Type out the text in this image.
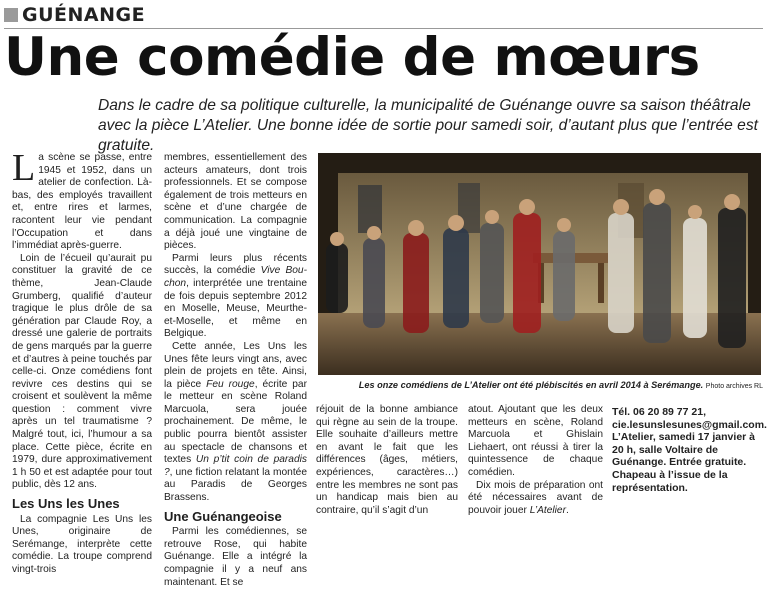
GUÉNANGE
Une comédie de mœurs
Dans le cadre de sa politique culturelle, la municipalité de Guénange ouvre sa saison théâtrale avec la pièce L’Atelier. Une bonne idée de sortie pour samedi soir, d’autant plus que l’entrée est gratuite.

La scène se passe, entre 1945 et 1952, dans un atelier de confection. Là-bas, des employés travaillent et, entre rires et larmes, racontent leur vie pendant l’Occupation et dans l’immédiat après-guerre.

Loin de l’écueil qu’aurait pu constituer la gravité de ce thème, Jean-Claude Grumberg, qualifié d’auteur tragique le plus drôle de sa génération par Claude Roy, a dressé une galerie de portraits de gens marqués par la guerre et d’autres à peine touchés par celle-ci. Onze comédiens font revivre ces destins qui se croisent et soulèvent la même question : comment vivre après un tel traumatisme ? Malgré tout, ici, l’humour a sa place. Cette pièce, écrite en 1979, dure approximativement 1 h 50 et est adaptée pour tout public, dès 12 ans.

Les Uns les Unes

La compagnie Les Uns les Unes, originaire de Serémange, interprète cette comédie. La troupe comprend vingt-trois

membres, essentiellement des acteurs amateurs, dont trois professionnels. Et se compose également de trois metteurs en scène et d’une chargée de communication. La compagnie a déjà joué une vingtaine de pièces.

Parmi leurs plus récents succès, la comédie Vive Bou-chon, interprétée une trentaine de fois depuis septembre 2012 en Moselle, Meuse, Meurthe-et-Moselle, et même en Belgique.

Cette année, Les Uns les Unes fête leurs vingt ans, avec plein de projets en tête. Ainsi, la pièce Feu rouge, écrite par le metteur en scène Roland Marcuola, sera jouée prochainement. De même, le public pourra bientôt assister au spectacle de chansons et textes Un p’tit coin de paradis ?, une fiction relatant la montée au Paradis de Georges Brassens.

Une Guénangeoise

Parmi les comédiennes, se retrouve Rose, qui habite Guénange. Elle a intégré la compagnie il y a neuf ans maintenant. Et se

Les onze comédiens de L’Atelier ont été plébiscités en avril 2014 à Serémange. Photo archives RL

réjouit de la bonne ambiance qui règne au sein de la troupe. Elle souhaite d’ailleurs mettre en avant le fait que les différences (âges, métiers, expériences, caractères…) entre les membres ne sont pas un handicap mais bien au contraire, qu’il s’agit d’un

atout. Ajoutant que les deux metteurs en scène, Roland Marcuola et Ghislain Liehaert, ont réussi à tirer la quintessence de chaque comédien.

Dix mois de préparation ont été nécessaires avant de pouvoir jouer L’Atelier.

Tél. 06 20 89 77 21,

cie.lesunslesunes@gmail.com.

L’Atelier, samedi 17 janvier à 20 h, salle Voltaire de Guénange. Entrée gratuite. Chapeau à l’issue de la représentation.
